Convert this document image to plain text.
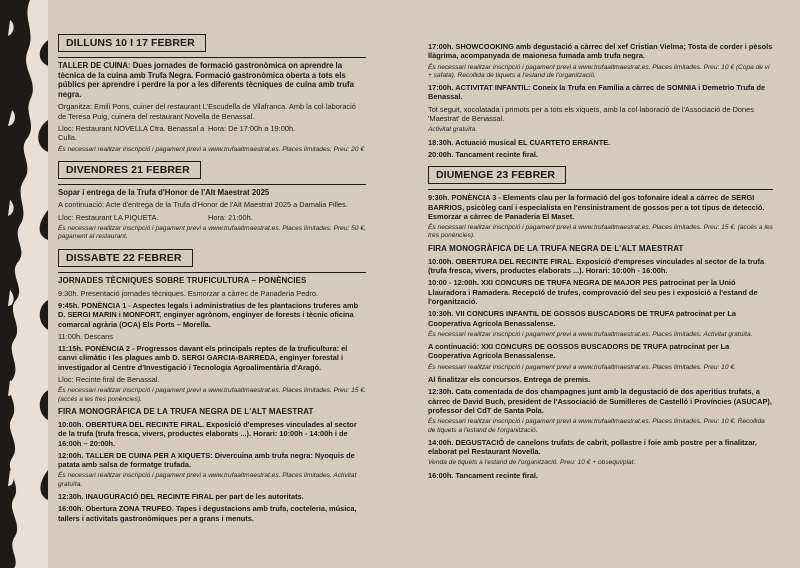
DILLUNS 10 I 17 FEBRER

TALLER DE CUINA: Dues jornades de formació gastronòmica on aprendre la tècnica de la cuina amb Trufa Negra. Formació gastronòmica oberta a tots els públics per aprendre i perdre la por a les diferents tècniques de cuina amb trufa negra.

Organitza: Emili Pons, cuiner del restaurant L'Escudella de Vilafranca. Amb la col·laboració de Teresa Puig, cuinera del restaurant Novella de Benassal.

Lloc: Restaurant NOVELLA Ctra. Benassal a Culla.
Hora: De 17:00h a 19:00h.

És necessari realitzar inscripció i pagament previ a www.trufaaltmaestrat.es. Places limitades. Preu: 20 €

DIVENDRES 21 FEBRER

Sopar i entrega de la Trufa d'Honor de l'Alt Maestrat 2025

A continuació: Acte d'entrega de la Trufa d'Honor de l'Alt Maestrat 2025 a Damalia Filles.

Lloc: Restaurant LA PIQUETA.	Hora: 21:00h.

És necessari realitzar inscripció i pagament previ a www.trufaaltmaestrat.es. Places limitades. Preu: 50 €, pagament al restaurant.

DISSABTE 22 FEBRER
JORNADES TÈCNIQUES SOBRE TRUFICULTURA – PONÈNCIES

9:30h. Presentació jornades tècniques. Esmorzar a càrrec de Panaderia Pedro.

9:45h. PONÈNCIA 1 - Aspectes legals i administratius de les plantacions truferes amb D. SERGI MARIN i MONFORT, enginyer agrònom, enginyer de forests i tècnic oficina comarcal agrària (OCA) Els Ports – Morella.

11:00h. Descans

11:15h. PONÈNCIA 2 - Progressos davant els principals reptes de la truficultura: el canvi climàtic i les plagues amb D. SERGI GARCIA-BARREDA, enginyer forestal i investigador al Centre d'Investigació i Tecnologia Agroalimentària d'Aragó.

Lloc: Recinte firal de Benassal.

És necessari realitzar inscripció i pagament previ a www.trufaaltmaestrat.es. Places limitades. Preu: 15 €. (accés a les tres ponències).

FIRA MONOGRÀFICA DE LA TRUFA NEGRA DE L'ALT MAESTRAT

10:00h. OBERTURA DEL RECINTE FIRAL. Exposició d'empreses vinculades al sector de la trufa (trufa fresca, vivers, productes elaborats ...). Horari: 10:00h - 14:00h i de 16:00h – 20:00h.

12:00h. TALLER DE CUINA PER A XIQUETS: Divercuina amb trufa negra: Nyoquis de patata amb salsa de formatge trufada.

És necessari realitzar inscripció i pagament previ a www.trufaaltmaestrat.es. Places limitades. Activitat gratuïta.

12:30h. INAUGURACIÓ DEL RECINTE FIRAL per part de les autoritats.

16:00h. Obertura ZONA TRUFEO. Tapes i degustacions amb trufa, cocteleria, música, tallers i activitats gastronòmiques per a grans i menuts.

17:00h. SHOWCOOKING amb degustació a càrrec del xef Cristian Vielma; Tosta de corder i pèsols llàgrima, acompanyada de maionesa fumada amb trufa negra.

És necessari realitzar inscripció i pagament previ a www.trufaaltmaestrat.es. Places limitades. Preu: 10 € (Copa de vi + safata). Recollida de tiquets a l'estand de l'organització.

17:00h. ACTIVITAT INFANTIL: Coneix la Trufa en Família a càrrec de SOMNIA i Demetrio Trufa de Benassal.

Tot seguit, xocolatada i primots per a tots els xiquets, amb la col·laboració de l'Associació de Dones 'Maestrat' de Benassal.

Activitat gratuïta.

18:30h. Actuació musical EL CUARTETO ERRANTE.

20:00h. Tancament recinte firal.

DIUMENGE 23 FEBRER

9:30h. PONÈNCIA 3 - Elements clau per la formació del gos tofonaire ideal a càrrec de SERGI BARRIOS, psicòleg caní i especialista en l'ensinistrament de gossos per a tot tipus de detecció. Esmorzar a càrrec de Panaderia El Maset.

És necessari realitzar inscripció i pagament previ a www.trufaaltmaestrat.es. Places limitades. Preu: 15 €. (accés a les tres ponències).

FIRA MONOGRÀFICA DE LA TRUFA NEGRA DE L'ALT MAESTRAT

10:00h. OBERTURA DEL RECINTE FIRAL. Exposició d'empreses vinculades al sector de la trufa (trufa fresca, vivers, productes elaborats ...). Horari: 10:00h - 16:00h.

10:00 - 12:00h. XXI CONCURS DE TRUFA NEGRA DE MAJOR PES patrocinat per la Unió Llauradora i Ramadera. Recepció de trufes, comprovació del seu pes i exposició a l'estand de l'organització.

10:30h. VII CONCURS INFANTIL DE GOSSOS BUSCADORS DE TRUFA patrocinat per La Cooperativa Agrícola Benassalense.

És necessari realitzar inscripció i pagament previ a www.trufaaltmaestrat.es. Places limitades. Activitat gratuïta.

A continuació: XXI CONCURS DE GOSSOS BUSCADORS DE TRUFA patrocinat per La Cooperativa Agrícola Benassalense.

És necessari realitzar inscripció i pagament previ a www.trufaaltmaestrat.es. Places limitades. Preu: 10 €.

Al finalitzar els concursos. Entrega de premis.

12:30h. Cata comentada de dos champagnes junt amb la degustació de dos aperitius trufats, a càrrec de David Buch, president de l'Associació de Sumilleres de Castelló i Províncies (ASUCAP), professor del CdT de Santa Pola.

És necessari realitzar inscripció i pagament previ a www.trufaaltmaestrat.es. Places limitades. Preu: 10 €. Recollida de tiquets a l'estand de l'organització.

14:00h. DEGUSTACIÓ de canelons trufats de cabrit, pollastre i foie amb postre per a finalitzar, elaborat pel Restaurant Novella.

Venda de tiquets a l'estand de l'organització. Preu: 10 € + obsequi/plat.

16:00h. Tancament recinte firal.
